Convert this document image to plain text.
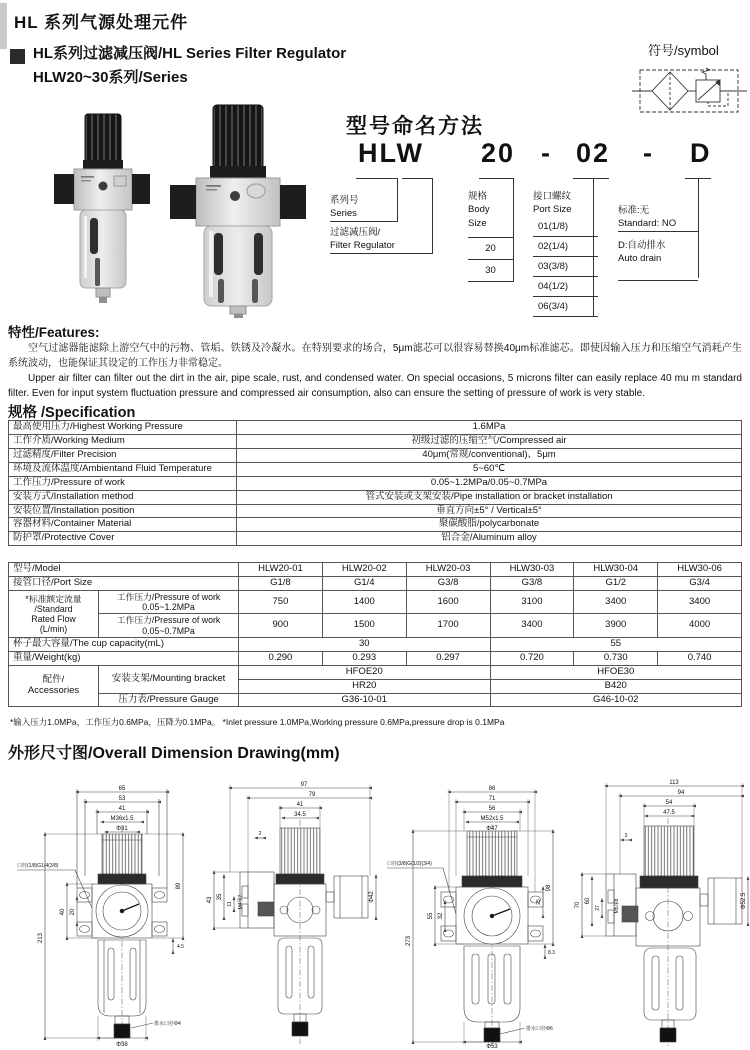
HL 系列气源处理元件
HL系列过滤减压阀/HL Series Filter Regulator
HLW20~30系列/Series
符号/symbol
型号命名方法
HLW 20 - 02 - D
系列号
Series
过滤减压阀/
Filter Regulator
规格
Body
Size
20
30
接口螺纹
Port Size
01(1/8)
02(1/4)
03(3/8)
04(1/2)
06(3/4)
标准:无
Standard: NO
D:自动排水
Auto drain
特性/Features:

空气过滤器能滤除上游空气中的污物、管垢、铁锈及冷凝水。在特别要求的场合，5μm滤芯可以很容易替换40μm标准滤芯。即使因输入压力和压缩空气消耗产生系统波动，也能保证其设定的工作压力非常稳定。

Upper air filter can filter out the dirt in the air, pipe scale, rust, and condensed water. On special occasions, 5 microns filter can easily replace 40 mu m standard filter. Even for input system fluctuation pressure and compressed air consumption, also can ensure the setting of pressure of work is very stable.

规格 /Specification
最高使用压力/Highest Working Pressure	1.6MPa
工作介质/Working Medium	初级过滤的压缩空气/Compressed air
过滤精度/Filter Precision	40μm(常规/conventional)、5μm
环境及流体温度/Ambientand Fluid Temperature	5~60℃
工作压力/Pressure of work	0.05~1.2MPa/0.05~0.7MPa
安装方式/Installation method	管式安装或支架安装/Pipe installation or bracket installation
安装位置/Installation position	垂直方向±5° / Vertical±5°
容器材料/Container Material	聚碳酸脂/polycarbonate
防护罩/Protective Cover	铝合金/Aluminum alloy
型号/Model		HLW20-01	HLW20-02	HLW20-03	HLW30-03	HLW30-04	HLW30-06
接管口径/Port Size		G1/8	G1/4	G3/8	G3/8	G1/2	G3/4

*标准额定流量
/Standard
Rated Flow
(L/min)

工作压力/Pressure of work
0.05~1.2MPa
	750	1400	1600	3100	3400	3400

	工作压力/Pressure of work
0.05~0.7MPa	900	1500	1700	3400	3900	4000
杯子最大容量/The cup capacity(mL)		30			55		
重量/Weight(kg)		0.290	0.293	0.297	0.720	0.730	0.740

配件/
Accessories	安装支架/Mounting bracket	HFOE20			HFOE30		
		HR20			B420		
	压力表/Pressure Gauge	G36-10-01			G46-10-02		
*输入压力1.0MPa，工作压力0.6MPa，压降为0.1MPa。 *Inlet pressure 1.0MPa,Working pressure 0.6MPa,pressure drop is 0.1MPa
外形尺寸图/Overall Dimension Drawing(mm)
65
53
41
M36x1.5
Φ31
口径(1/8)G1/4(3/8)
213
40 20
89
4.5
Φ38
排水口径Φ4
97
79
41
34.5
2
43 35
11 M4深7	Φ42
86
71
56
M52x1.5
Φ47
口径(3/8)G(1/2)(3/4)
273
55 32
98
25
8.3
Φ53
排水口径Φ6
113
94
54
47.5
3
70
60
27	M5深8	Φ52.5
